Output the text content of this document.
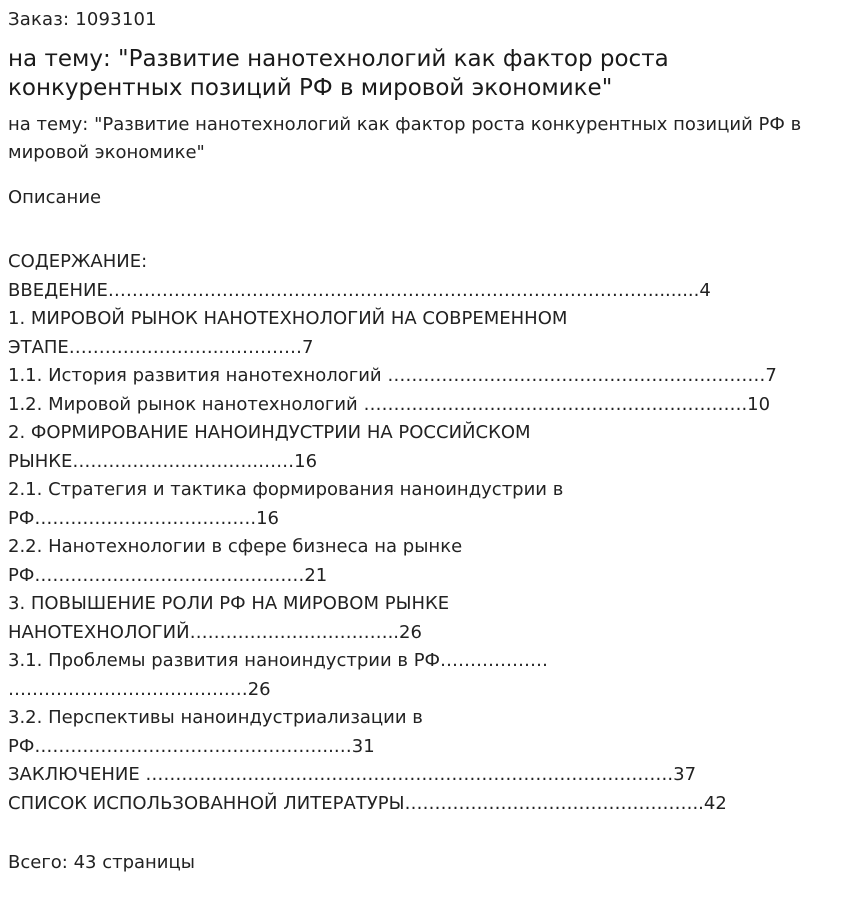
Заказ: 1093101

на тему: "Развитие нанотехнологий как фактор роста конкурентных позиций РФ в мировой экономике"

на тему: "Развитие нанотехнологий как фактор роста конкурентных позиций РФ в мировой экономике"

Описание

СОДЕРЖАНИЕ:

ВВЕДЕНИЕ……………………………………………………………………………….........4

1. МИРОВОЙ РЫНОК НАНОТЕХНОЛОГИЙ НА СОВРЕМЕННОМ

ЭТАПЕ……………………...…………7

1.1. История развития нанотехнологий ………………………………………………………7

1.2. Мировой рынок нанотехнологий ……………………………………………………….10

2. ФОРМИРОВАНИЕ НАНОИНДУСТРИИ НА РОССИЙСКОМ

РЫНКЕ………………………….……16

2.1. Стратегия и тактика формирования наноиндустрии в

РФ……………………………….16

2.2. Нанотехнологии в сфере бизнеса на рынке

РФ………………………………………21

3. ПОВЫШЕНИЕ РОЛИ РФ НА МИРОВОМ РЫНКЕ

НАНОТЕХНОЛОГИЙ……………………………..26

3.1. Проблемы развития наноиндустрии в РФ………………

……………………………….…26

3.2. Перспективы наноиндустриализации в

РФ…………………………………………..…31

ЗАКЛЮЧЕНИЕ …………………………………………………………………………….37

СПИСОК ИСПОЛЬЗОВАННОЙ ЛИТЕРАТУРЫ…………………………………………..42

Всего: 43 страницы
